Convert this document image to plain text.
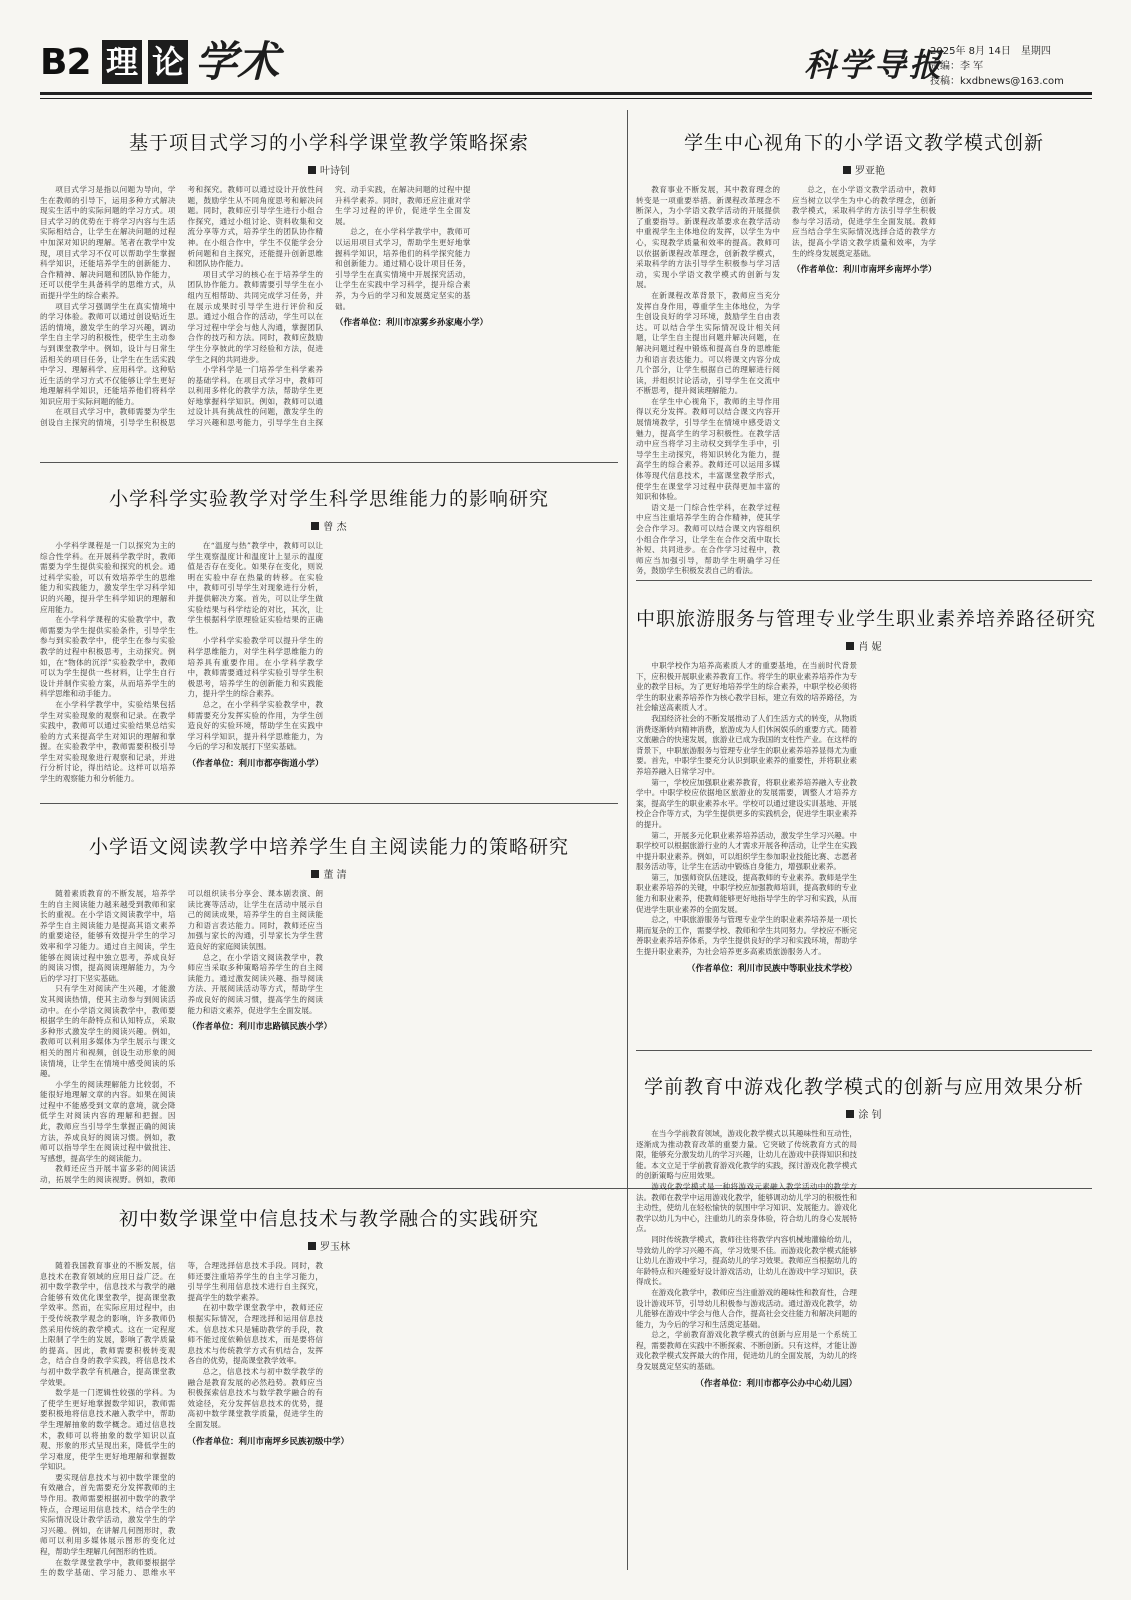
B2 理 论 学术	科学导报
2025年 8月 14日　星期四
责编：李 军
投稿：kxdbnews@163.com
基于项目式学习的小学科学课堂教学策略探索
叶诗钊

项目式学习是指以问题为导向，学生在教师的引导下，运用多种方式解决现实生活中的实际问题的学习方式。项目式学习的优势在于将学习内容与生活实际相结合，让学生在解决问题的过程中加深对知识的理解。笔者在教学中发现，项目式学习不仅可以帮助学生掌握科学知识，还能培养学生的创新能力、合作精神、解决问题和团队协作能力，还可以使学生具备科学的思维方式，从而提升学生的综合素养。

项目式学习强调学生在真实情境中的学习体验。教师可以通过创设贴近生活的情境，激发学生的学习兴趣，调动学生自主学习的积极性，使学生主动参与到课堂教学中。例如，设计与日常生活相关的项目任务，让学生在生活实践中学习、理解科学、应用科学。这种贴近生活的学习方式不仅能够让学生更好地理解科学知识，还能培养他们将科学知识应用于实际问题的能力。

在项目式学习中，教师需要为学生创设自主探究的情境，引导学生积极思考和探究。教师可以通过设计开放性问题，鼓励学生从不同角度思考和解决问题。同时，教师应引导学生进行小组合作探究，通过小组讨论、资料收集和交流分享等方式，培养学生的团队协作精神。在小组合作中，学生不仅能学会分析问题和自主探究，还能提升创新思维和团队协作能力。

项目式学习的核心在于培养学生的团队协作能力。教师需要引导学生在小组内互相帮助、共同完成学习任务，并在展示成果时引导学生进行评价和反思。通过小组合作的活动，学生可以在学习过程中学会与他人沟通，掌握团队合作的技巧和方法。同时，教师应鼓励学生分享彼此的学习经验和方法，促进学生之间的共同进步。

小学科学是一门培养学生科学素养的基础学科。在项目式学习中，教师可以利用多样化的教学方法，帮助学生更好地掌握科学知识。例如，教师可以通过设计具有挑战性的问题，激发学生的学习兴趣和思考能力，引导学生自主探究、动手实践，在解决问题的过程中提升科学素养。同时，教师还应注重对学生学习过程的评价，促进学生全面发展。

总之，在小学科学教学中，教师可以运用项目式学习，帮助学生更好地掌握科学知识，培养他们的科学探究能力和创新能力。通过精心设计项目任务，引导学生在真实情境中开展探究活动，让学生在实践中学习科学，提升综合素养，为今后的学习和发展奠定坚实的基础。

（作者单位：利川市凉雾乡孙家庵小学）
学生中心视角下的小学语文教学模式创新
罗亚艳

教育事业不断发展，其中教育理念的转变是一项重要举措。新课程改革理念不断深入，为小学语文教学活动的开展提供了重要指导。新课程改革要求在教学活动中重视学生主体地位的发挥，以学生为中心，实现教学质量和效率的提高。教师可以依据新课程改革理念，创新教学模式，采取科学的方法引导学生积极参与学习活动，实现小学语文教学模式的创新与发展。

在新课程改革背景下，教师应当充分发挥自身作用，尊重学生主体地位，为学生创设良好的学习环境，鼓励学生自由表达。可以结合学生实际情况设计相关问题，让学生自主提出问题并解决问题，在解决问题过程中锻炼和提高自身的思维能力和语言表达能力。可以将课文内容分成几个部分，让学生根据自己的理解进行阅读，并组织讨论活动，引导学生在交流中不断思考，提升阅读理解能力。

在学生中心视角下，教师的主导作用得以充分发挥。教师可以结合课文内容开展情境教学，引导学生在情境中感受语文魅力，提高学生的学习积极性。在教学活动中应当将学习主动权交到学生手中，引导学生主动探究，将知识转化为能力，提高学生的综合素养。教师还可以运用多媒体等现代信息技术，丰富课堂教学形式，使学生在课堂学习过程中获得更加丰富的知识和体验。

语文是一门综合性学科，在教学过程中应当注重培养学生的合作精神，使其学会合作学习。教师可以结合课文内容组织小组合作学习，让学生在合作交流中取长补短、共同进步。在合作学习过程中，教师应当加强引导，帮助学生明确学习任务，鼓励学生积极发表自己的看法。

总之，在小学语文教学活动中，教师应当树立以学生为中心的教学理念，创新教学模式，采取科学的方法引导学生积极参与学习活动，促进学生全面发展。教师应当结合学生实际情况选择合适的教学方法，提高小学语文教学质量和效率，为学生的终身发展奠定基础。

（作者单位：利川市南坪乡南坪小学）
小学科学实验教学对学生科学思维能力的影响研究
曾 杰

小学科学课程是一门以探究为主的综合性学科。在开展科学教学时，教师需要为学生提供实验和探究的机会。通过科学实验，可以有效培养学生的思维能力和实践能力，激发学生学习科学知识的兴趣，提升学生科学知识的理解和应用能力。

在小学科学课程的实验教学中，教师需要为学生提供实验条件，引导学生参与到实验教学中，使学生在参与实验教学的过程中积极思考，主动探究。例如，在“物体的沉浮”实验教学中，教师可以为学生提供一些材料，让学生自行设计并制作实验方案，从而培养学生的科学思维和动手能力。

在小学科学教学中，实验结果包括学生对实验现象的观察和记录。在教学实践中，教师可以通过实验结果总结实验的方式来提高学生对知识的理解和掌握。在实验教学中，教师需要积极引导学生对实验现象进行观察和记录，并进行分析讨论，得出结论。这样可以培养学生的观察能力和分析能力。

在“温度与热”教学中，教师可以让学生观察温度计和温度计上显示的温度值是否存在变化。如果存在变化，则说明在实验中存在热量的转移。在实验中，教师可引导学生对现象进行分析，并提供解决方案。首先，可以让学生做实验结果与科学结论的对比，其次，让学生根据科学原理验证实验结果的正确性。

小学科学实验教学可以提升学生的科学思维能力，对学生科学思维能力的培养具有重要作用。在小学科学教学中，教师需要通过科学实验引导学生积极思考，培养学生的创新能力和实践能力，提升学生的综合素养。

总之，在小学科学实验教学中，教师需要充分发挥实验的作用，为学生创造良好的实验环境，帮助学生在实践中学习科学知识，提升科学思维能力，为今后的学习和发展打下坚实基础。

（作者单位：利川市都亭街道小学）
中职旅游服务与管理专业学生职业素养培养路径研究
肖 妮

中职学校作为培养高素质人才的重要基地，在当前时代背景下，应积极开展职业素养教育工作。将学生的职业素养培养作为专业的教学目标，为了更好地培养学生的综合素养，中职学校必须将学生的职业素养培养作为核心教学目标，建立有效的培养路径，为社会输送高素质人才。

我国经济社会的不断发展推动了人们生活方式的转变，从物质消费逐渐转向精神消费，旅游成为人们休闲娱乐的重要方式。随着文旅融合的快速发展，旅游业已成为我国的支柱性产业。在这样的背景下，中职旅游服务与管理专业学生的职业素养培养显得尤为重要。首先，中职学生要充分认识到职业素养的重要性，并将职业素养培养融入日常学习中。

第一，学校应加强职业素养教育，将职业素养培养融入专业教学中。中职学校应依据地区旅游业的发展需要，调整人才培养方案，提高学生的职业素养水平。学校可以通过建设实训基地、开展校企合作等方式，为学生提供更多的实践机会，促进学生职业素养的提升。

第二，开展多元化职业素养培养活动，激发学生学习兴趣。中职学校可以根据旅游行业的人才需求开展各种活动，让学生在实践中提升职业素养。例如，可以组织学生参加职业技能比赛、志愿者服务活动等，让学生在活动中锻炼自身能力，增强职业素养。

第三，加强师资队伍建设，提高教师的专业素养。教师是学生职业素养培养的关键，中职学校应加强教师培训，提高教师的专业能力和职业素养，使教师能够更好地指导学生的学习和实践，从而促进学生职业素养的全面发展。

总之，中职旅游服务与管理专业学生的职业素养培养是一项长期而复杂的工作，需要学校、教师和学生共同努力。学校应不断完善职业素养培养体系，为学生提供良好的学习和实践环境，帮助学生提升职业素养，为社会培养更多高素质旅游服务人才。

（作者单位：利川市民族中等职业技术学校）
小学语文阅读教学中培养学生自主阅读能力的策略研究
董 清

随着素质教育的不断发展，培养学生的自主阅读能力越来越受到教师和家长的重视。在小学语文阅读教学中，培养学生自主阅读能力是提高其语文素养的重要途径，能够有效提升学生的学习效率和学习能力。通过自主阅读，学生能够在阅读过程中独立思考，养成良好的阅读习惯，提高阅读理解能力，为今后的学习打下坚实基础。

只有学生对阅读产生兴趣，才能激发其阅读热情，使其主动参与到阅读活动中。在小学语文阅读教学中，教师要根据学生的年龄特点和认知特点，采取多种形式激发学生的阅读兴趣。例如，教师可以利用多媒体为学生展示与课文相关的图片和视频，创设生动形象的阅读情境，让学生在情境中感受阅读的乐趣。

小学生的阅读理解能力比较弱，不能很好地理解文章的内容。如果在阅读过程中不能感受到文章的意境，就会降低学生对阅读内容的理解和把握。因此，教师应当引导学生掌握正确的阅读方法，养成良好的阅读习惯。例如，教师可以指导学生在阅读过程中做批注、写感想，提高学生的阅读能力。

教师还应当开展丰富多彩的阅读活动，拓展学生的阅读视野。例如，教师可以组织读书分享会、课本剧表演、朗读比赛等活动，让学生在活动中展示自己的阅读成果，培养学生的自主阅读能力和语言表达能力。同时，教师还应当加强与家长的沟通，引导家长为学生营造良好的家庭阅读氛围。

总之，在小学语文阅读教学中，教师应当采取多种策略培养学生的自主阅读能力。通过激发阅读兴趣、指导阅读方法、开展阅读活动等方式，帮助学生养成良好的阅读习惯，提高学生的阅读能力和语文素养，促进学生全面发展。

（作者单位：利川市忠路镇民族小学）
学前教育中游戏化教学模式的创新与应用效果分析
涂 钊

在当今学前教育领域，游戏化教学模式以其趣味性和互动性，逐渐成为推动教育改革的重要力量。它突破了传统教育方式的局限，能够充分激发幼儿的学习兴趣，让幼儿在游戏中获得知识和技能。本文立足于学前教育游戏化教学的实践，探讨游戏化教学模式的创新策略与应用效果。

游戏化教学模式是一种将游戏元素融入教学活动中的教学方法。教师在教学中运用游戏化教学，能够调动幼儿学习的积极性和主动性，使幼儿在轻松愉快的氛围中学习知识、发展能力。游戏化教学以幼儿为中心，注重幼儿的亲身体验，符合幼儿的身心发展特点。

同时传统教学模式，教师往往将教学内容机械地灌输给幼儿，导致幼儿的学习兴趣不高，学习效果不佳。而游戏化教学模式能够让幼儿在游戏中学习，提高幼儿的学习效果。教师应当根据幼儿的年龄特点和兴趣爱好设计游戏活动，让幼儿在游戏中学习知识，获得成长。

在游戏化教学中，教师应当注重游戏的趣味性和教育性，合理设计游戏环节，引导幼儿积极参与游戏活动。通过游戏化教学，幼儿能够在游戏中学会与他人合作，提高社会交往能力和解决问题的能力，为今后的学习和生活奠定基础。

总之，学前教育游戏化教学模式的创新与应用是一个系统工程，需要教师在实践中不断探索、不断创新。只有这样，才能让游戏化教学模式发挥最大的作用，促进幼儿的全面发展，为幼儿的终身发展奠定坚实的基础。

（作者单位：利川市都亭公办中心幼儿园）
初中数学课堂中信息技术与教学融合的实践研究
罗玉林

随着我国教育事业的不断发展，信息技术在教育领域的应用日益广泛。在初中数学教学中，信息技术与教学的融合能够有效优化课堂教学，提高课堂教学效率。然而，在实际应用过程中，由于受传统教学观念的影响，许多教师仍然采用传统的教学模式。这在一定程度上限制了学生的发展，影响了教学质量的提高。因此，教师需要积极转变观念，结合自身的教学实践，将信息技术与初中数学教学有机融合，提高课堂教学效果。

数学是一门逻辑性较强的学科。为了使学生更好地掌握数学知识，教师需要积极地将信息技术融入教学中，帮助学生理解抽象的数学概念。通过信息技术，教师可以将抽象的数学知识以直观、形象的形式呈现出来，降低学生的学习难度，使学生更好地理解和掌握数学知识。

要实现信息技术与初中数学课堂的有效融合，首先需要充分发挥教师的主导作用。教师需要根据初中数学的教学特点，合理运用信息技术，结合学生的实际情况设计教学活动，激发学生的学习兴趣。例如，在讲解几何图形时，教师可以利用多媒体展示图形的变化过程，帮助学生理解几何图形的性质。

在数学课堂教学中，教师要根据学生的数学基础、学习能力、思维水平等，合理选择信息技术手段。同时，教师还要注重培养学生的自主学习能力，引导学生利用信息技术进行自主探究，提高学生的数学素养。

在初中数学课堂教学中，教师还应根据实际情况，合理选择和运用信息技术。信息技术只是辅助教学的手段，教师不能过度依赖信息技术，而是要将信息技术与传统教学方式有机结合，发挥各自的优势，提高课堂教学效率。

总之，信息技术与初中数学教学的融合是教育发展的必然趋势。教师应当积极探索信息技术与数学教学融合的有效途径，充分发挥信息技术的优势，提高初中数学课堂教学质量，促进学生的全面发展。

（作者单位：利川市南坪乡民族初级中学）
